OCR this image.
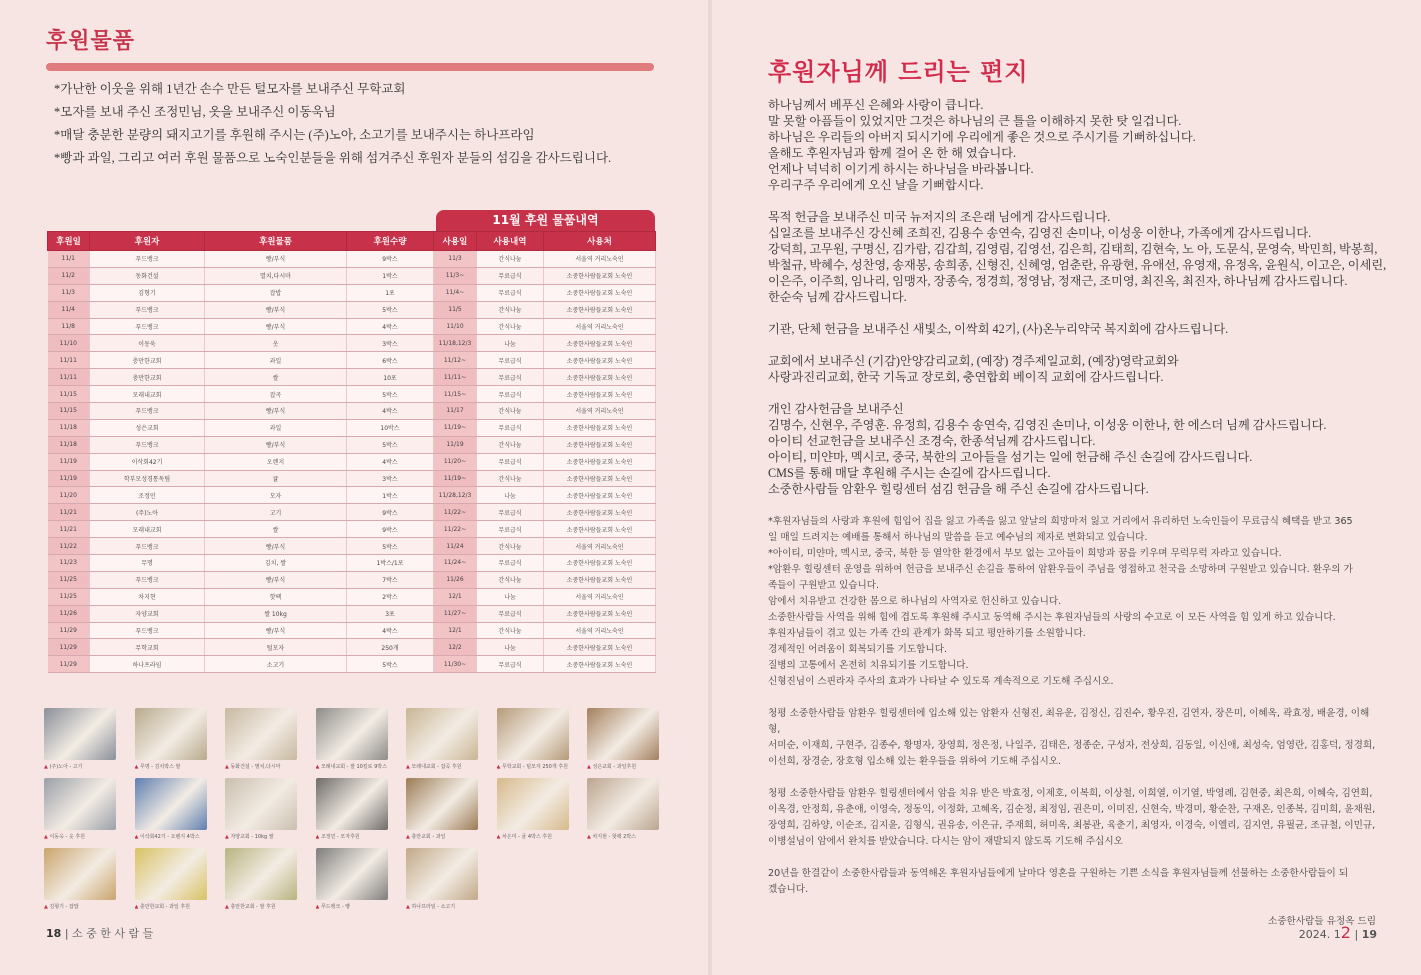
후원물품
*가난한 이웃을 위해 1년간 손수 만든 털모자를 보내주신 무학교회
*모자를 보내 주신 조정민님, 옷을 보내주신 이동욱님
*매달 충분한 분량의 돼지고기를 후원해 주시는 (주)노아, 소고기를 보내주시는 하나프라임
*빵과 과일, 그리고 여러 후원 물품으로 노숙인분들을 위해 섬겨주신 후원자 분들의 섬김을 감사드립니다.
11월 후원 물품내역
후원일	후원자	후원물품	후원수량	사용일	사용내역	사용처
11/1	푸드뱅크	빵/부식	9박스	11/3	간식나눔	서울역 거리노숙인
11/2	동화건설	멸치,다시마	1박스	11/3~	무료급식	소중한사람들교회 노숙인
11/3	김형기	잡밥	1포	11/4~	무료급식	소중한사람들교회 노숙인
11/4	푸드뱅크	빵/부식	5박스	11/5	간식나눔	소중한사람들교회 노숙인
11/8	푸드뱅크	빵/부식	4박스	11/10	간식나눔	서울역 거리노숙인
11/10	이동욱	옷	3박스	11/18,12/3	나눔	소중한사람들교회 노숙인
11/11	충만한교회	과일	6박스	11/12~	무료급식	소중한사람들교회 노숙인
11/11	충만한교회	쌀	10포	11/11~	무료급식	소중한사람들교회 노숙인
11/15	모래내교회	잡곡	5박스	11/15~	무료급식	소중한사람들교회 노숙인
11/15	푸드뱅크	빵/부식	4박스	11/17	간식나눔	서울역 거리노숙인
11/18	성은교회	과일	10박스	11/19~	무료급식	소중한사람들교회 노숙인
11/18	푸드뱅크	빵/부식	5박스	11/19	간식나눔	소중한사람들교회 노숙인
11/19	이삭회42기	오렌지	4박스	11/20~	무료급식	소중한사람들교회 노숙인
11/19	학부모성경통독팀	귤	3박스	11/19~	간식나눔	소중한사람들교회 노숙인
11/20	조정민	모자	1박스	11/28,12/3	나눔	소중한사람들교회 노숙인
11/21	(주)노아	고기	9박스	11/22~	무료급식	소중한사람들교회 노숙인
11/21	모래내교회	쌀	9박스	11/22~	무료급식	소중한사람들교회 노숙인
11/22	푸드뱅크	빵/부식	5박스	11/24	간식나눔	서울역 거리노숙인
11/23	무명	김치, 쌀	1박스/1포	11/24~	무료급식	소중한사람들교회 노숙인
11/25	푸드뱅크	빵/부식	7박스	11/26	간식나눔	소중한사람들교회 노숙인
11/25	차지현	핫팩	2박스	12/1	나눔	서울역 거리노숙인
11/26	자양교회	쌀 10kg	3포	11/27~	무료급식	소중한사람들교회 노숙인
11/29	푸드뱅크	빵/부식	4박스	12/1	간식나눔	서울역 거리노숙인
11/29	무학교회	털모자	250개	12/2	나눔	소중한사람들교회 노숙인
11/29	하나프라임	소고기	5박스	11/30~	무료급식	소중한사람들교회 노숙인
▲ (주)노아 - 고기	▲ 무명 - 김치박스 쌀	▲ 동화건설 - 멸치,다시마	▲ 모래내교회 - 쌀 10킬로 9박스	▲ 모래내교회 - 잡곡 후원	▲ 무학교회 - 털모자 250개 후원	▲ 성은교회 - 과일후원
▲ 이동욱 - 옷 후원	▲ 이삭회42기 - 오렌지 4박스	▲ 자양교회 - 10kg 쌀	▲ 조정민 - 모자후원	▲ 충만교회 - 과일	▲ 차은미 - 귤 4박스 후원	▲ 차지현 - 핫팩 2박스
▲ 김형기 - 잡밥	▲ 충만한교회 - 과일 후원	▲ 충만한교회 - 쌀 후원	▲ 푸드뱅크 - 빵	▲ 하나프라임 - 소고기
18 | 소 중 한 사 람 들
후원자님께 드리는 편지

하나님께서 베푸신 은혜와 사랑이 큽니다.
말 못할 아픔들이 있었지만 그것은 하나님의 큰 틀을 이해하지 못한 탓 일겁니다.
하나님은 우리들의 아버지 되시기에 우리에게 좋은 것으로 주시기를 기뻐하십니다.
올해도 후원자님과 함께 걸어 온 한 해 였습니다.
언제나 넉넉히 이기게 하시는 하나님을 바라봅니다.
우리구주 우리에게 오신 날을 기뻐합시다.

목적 헌금을 보내주신 미국 뉴저지의 조은래 님에게 감사드립니다.
십일조를 보내주신 강신혜 조희진, 김용수 송연숙, 김영진 손미나, 이성웅 이한나, 가족에게 감사드립니다.
강덕희, 고무원, 구명신, 김가람, 김갑희, 김영림, 김영선, 김은희, 김태희, 김현숙, 노 아, 도문식, 문영숙, 박민희, 박봉희,
박철규, 박혜수, 성찬영, 송재봉, 송희종, 신형진, 신혜영, 엄춘란, 유광현, 유애선, 유영재, 유정옥, 윤원식, 이고은, 이세린,
이은주, 이주희, 임나리, 임맹자, 장종숙, 정경희, 정영남, 정재근, 조미영, 최진옥, 최진자, 하나님께 감사드립니다.
한순숙 님께 감사드립니다.

기관, 단체 헌금을 보내주신 새빛소, 이싹회 42기, (사)온누리약국 복지회에 감사드립니다.

교회에서 보내주신 (기감)안양감리교회, (예장) 경주제일교회, (예장)영락교회와
사랑과진리교회, 한국 기독교 장로회, 충연합회 베이직 교회에 감사드립니다.

개인 감사헌금을 보내주신
김명수, 신현우, 주영훈. 유정희, 김용수 송연숙, 김영진 손미나, 이성웅 이한나, 한 에스더 님께 감사드립니다.
아이티 선교헌금을 보내주신 조경숙, 한종석님께 감사드립니다.
아이티, 미얀마, 멕시코, 중국, 북한의 고아들을 섬기는 일에 헌금해 주신 손길에 감사드립니다.
CMS를 통해 매달 후원해 주시는 손길에 감사드립니다.
소중한사람들 암환우 힐링센터 섬김 헌금을 해 주신 손길에 감사드립니다.

*후원자님들의 사랑과 후원에 힘입어 집을 잃고 가족을 잃고 앞날의 희망마저 잃고 거리에서 유리하던 노숙인들이 무료급식 혜택을 받고 365
일 매일 드려지는 예배를 통해서 하나님의 말씀을 듣고 예수님의 제자로 변화되고 있습니다.
*아이티, 미얀마, 멕시코, 중국, 북한 등 열악한 환경에서 부모 없는 고아들이 희망과 꿈을 키우며 무럭무럭 자라고 있습니다.
*암환우 힐링센터 운영을 위하여 헌금을 보내주신 손길을 통하여 암환우들이 주님을 영접하고 천국을 소망하며 구원받고 있습니다. 환우의 가
족들이 구원받고 있습니다.
암에서 치유받고 건강한 몸으로 하나님의 사역자로 헌신하고 있습니다.
소중한사람들 사역을 위해 힘에 겹도록 후원해 주시고 동역해 주시는 후원자님들의 사랑의 수고로 이 모든 사역을 힘 있게 하고 있습니다.
후원자님들이 겪고 있는 가족 간의 관계가 화목 되고 평안하기를 소원합니다.
경제적인 어려움이 회복되기를 기도합니다.
질병의 고통에서 온전히 치유되기를 기도합니다.
신형진님이 스핀라자 주사의 효과가 나타날 수 있도록 계속적으로 기도해 주십시오.

청평 소중한사람들 암환우 힐링센터에 입소해 있는 암환자 신형진, 최유운, 김정신, 김진수, 황우진, 김연자, 장은미, 이혜옥, 곽효정, 배윤경, 이해형,
서미순, 이재희, 구현주, 김종수, 황명자, 장영희, 정은정, 나일주, 김태은, 정종순, 구성자, 전상희, 김동일, 이신애, 최성숙, 엄영란, 김홍덕, 정경희,
이선희, 장경순, 장호형 입소해 있는 환우들을 위하여 기도해 주십시오.

청평 소중한사람들 암환우 힐링센터에서 암을 치유 받은 박효정, 이제호, 이복희, 이상철, 이희열, 이기열, 박영례, 김현중, 최은희, 이혜숙, 김연희,
이옥경, 안정희, 유춘애, 이영숙, 정동익, 이정화, 고혜옥, 김순정, 최정임, 권은미, 이미진, 신현숙, 박경미, 황순찬, 구재온, 인종복, 김미희, 윤채원,
장영희, 김하양, 이순조, 김지윤, 김형식, 권유송, 이은규, 주재희, 허미옥, 최봉관, 육춘기, 최영자, 이경숙, 이엘리, 김지연, 유필균, 조규철, 이민규,
이병설님이 암에서 완치를 받았습니다. 다시는 암이 재발되지 않도록 기도해 주십시오

20년을 한결같이 소중한사람들과 동역해온 후원자님들에게 날마다 영혼을 구원하는 기쁜 소식을 후원자님들께 선물하는 소중한사람들이 되
겠습니다.

소중한사람들 유정옥 드림
2024. 12 | 19
